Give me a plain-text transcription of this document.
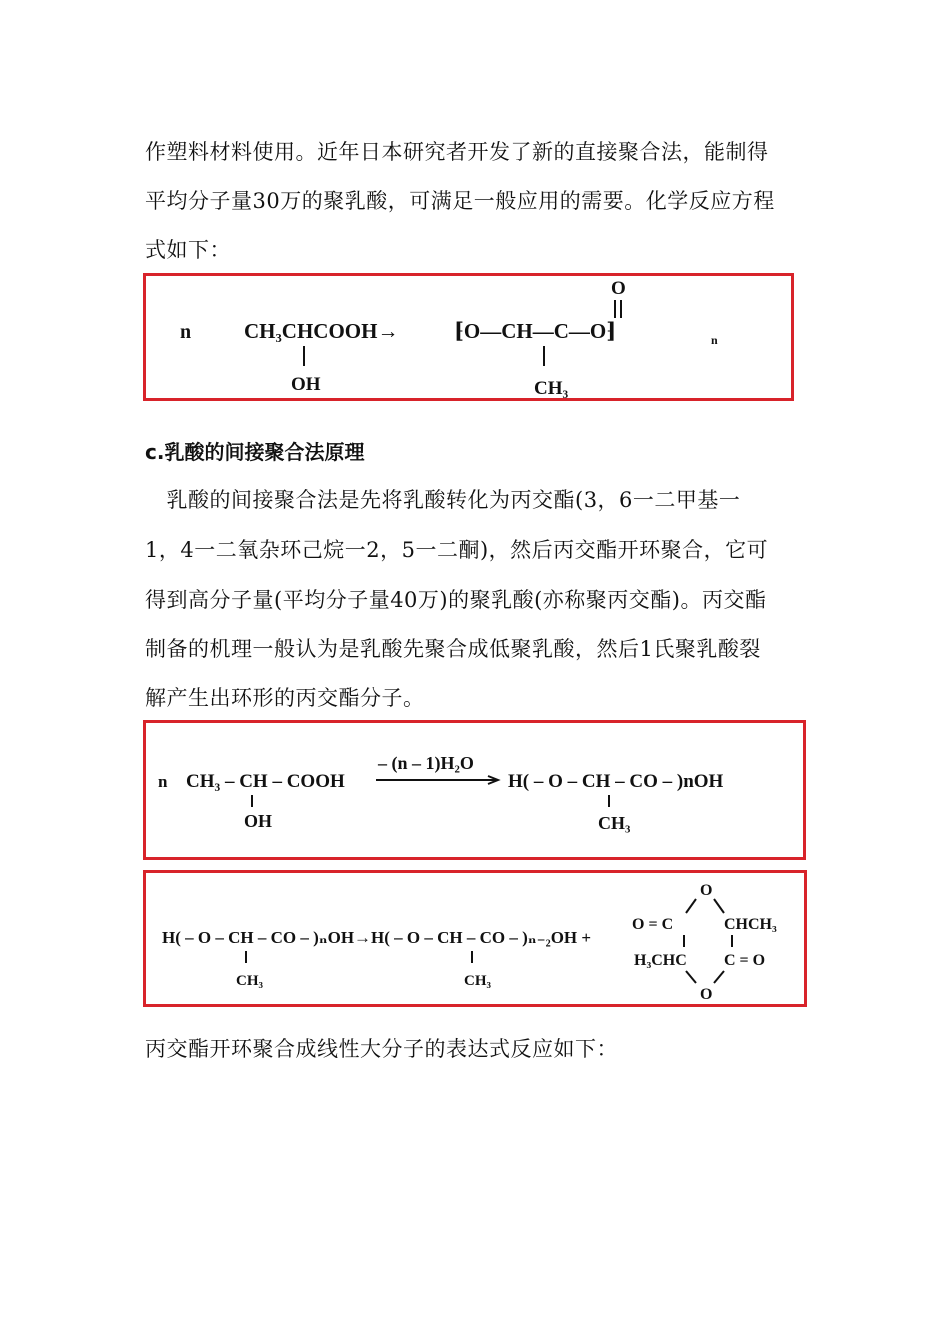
作塑料材料使用。近年日本研究者开发了新的直接聚合法，能制得

平均分子量30万的聚乳酸，可满足一般应用的需要。化学反应方程

式如下：

n	CH₃CHCOOH→
OH
⁅O—CH—C—O⁆	n
O
CH₃

c.乳酸的间接聚合法原理

　乳酸的间接聚合法是先将乳酸转化为丙交酯(3，6一二甲基一

1，4一二氧杂环己烷一2，5一二酮)，然后丙交酯开环聚合，它可

得到高分子量(平均分子量40万)的聚乳酸(亦称聚丙交酯)。丙交酯

制备的机理一般认为是乳酸先聚合成低聚乳酸，然后1氏聚乳酸裂

解产生出环形的丙交酯分子。

n CH₃ – CH – COOH
OH
– (n – 1)H₂O
H( – O – CH – CO – )nOH
CH₃
H( – O – CH – CO – )ₙOH→H( – O – CH – CO – )ₙ₋₂OH +
CH₃	CH₃
O
O = C	CHCH₃
H₃CHC C = O
O

丙交酯开环聚合成线性大分子的表达式反应如下：
